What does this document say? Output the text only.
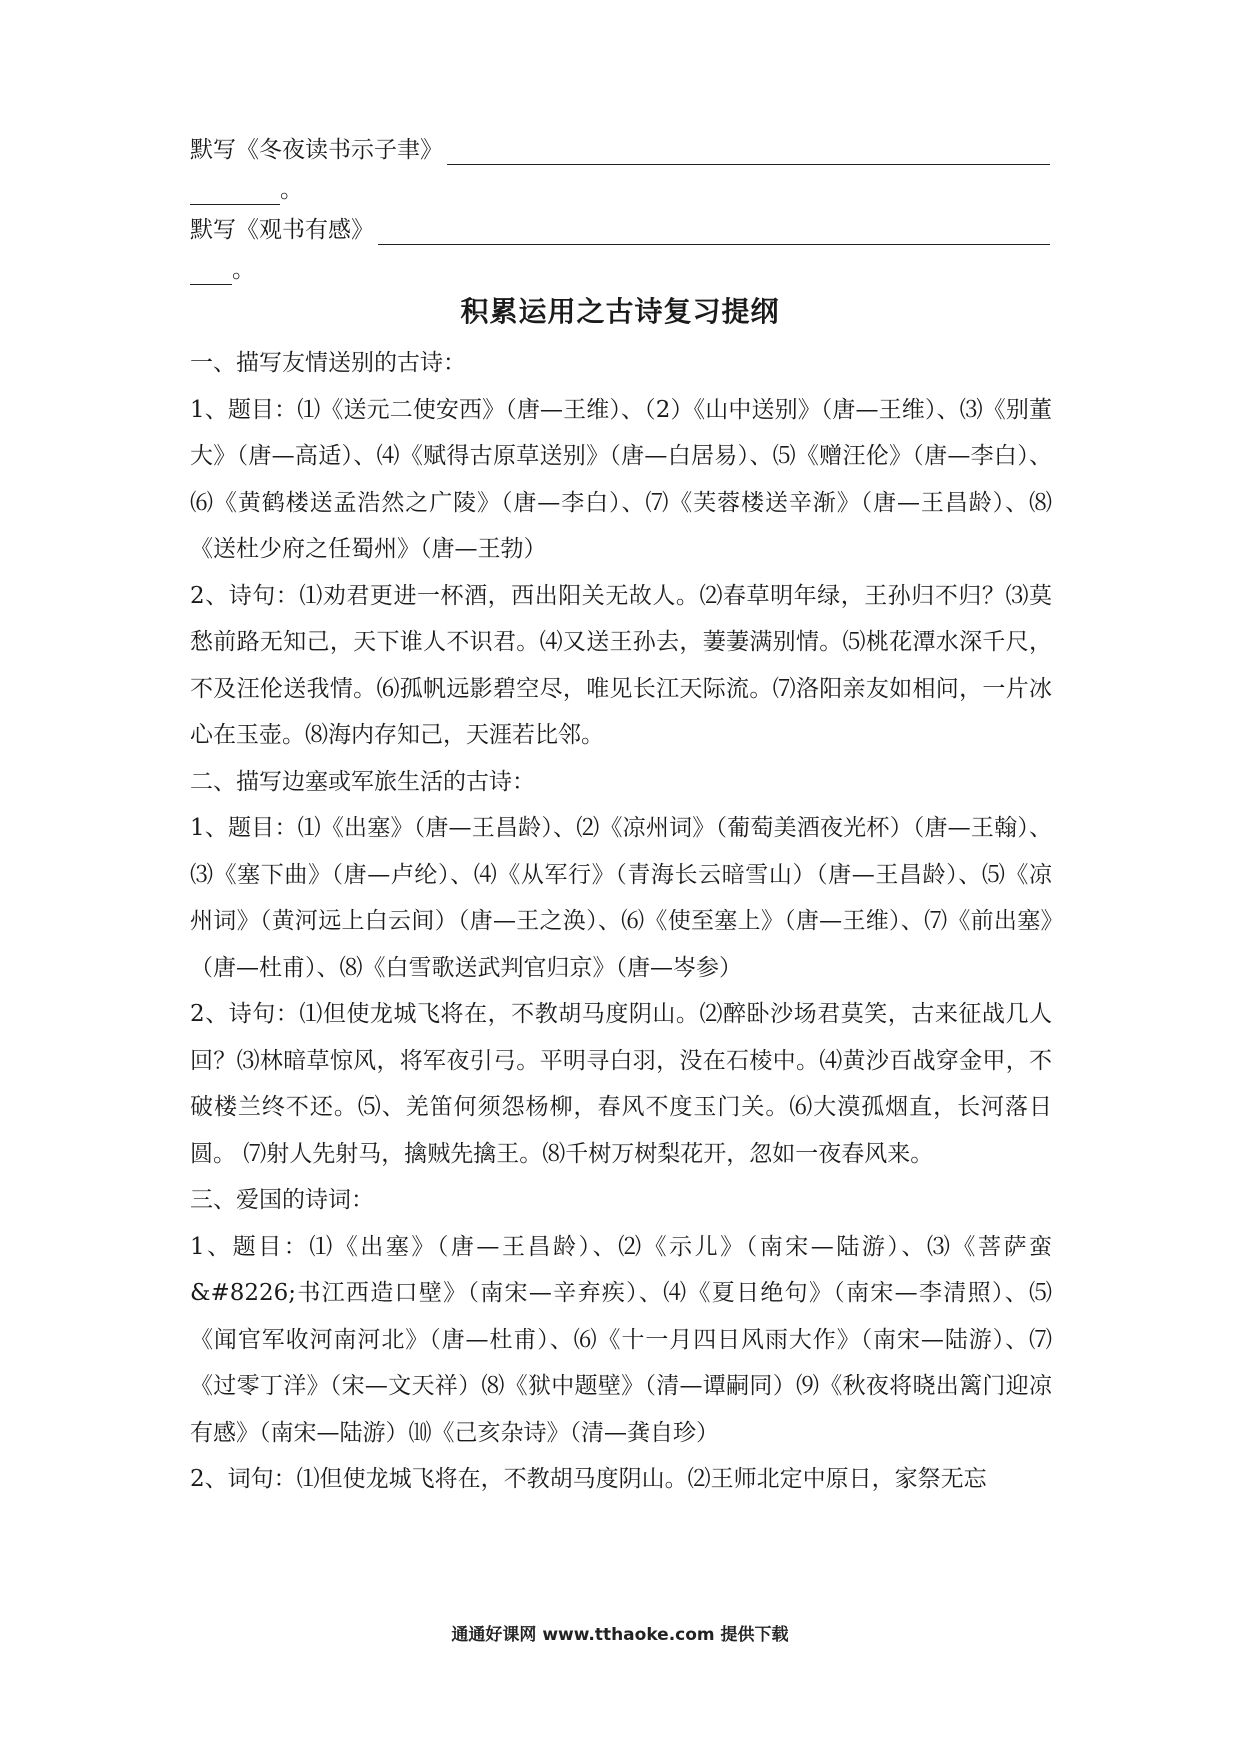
默写《冬夜读书示子聿》
。
默写《观书有感》
。
积累运用之古诗复习提纲

一、描写友情送别的古诗：

1、题目：⑴《送元二使安西》（唐—王维）、（2）《山中送别》（唐—王维）、⑶《别董大》（唐—高适）、⑷《赋得古原草送别》（唐—白居易）、⑸《赠汪伦》（唐—李白）、⑹《黄鹤楼送孟浩然之广陵》（唐—李白）、⑺《芙蓉楼送辛渐》（唐—王昌龄）、⑻《送杜少府之任蜀州》（唐—王勃）

2、诗句：⑴劝君更进一杯酒，西出阳关无故人。⑵春草明年绿，王孙归不归？⑶莫愁前路无知己，天下谁人不识君。⑷又送王孙去，萋萋满别情。⑸桃花潭水深千尺，不及汪伦送我情。⑹孤帆远影碧空尽，唯见长江天际流。⑺洛阳亲友如相问，一片冰心在玉壶。⑻海内存知己，天涯若比邻。

二、描写边塞或军旅生活的古诗：

1、题目：⑴《出塞》（唐—王昌龄）、⑵《凉州词》（葡萄美酒夜光杯）（唐—王翰）、⑶《塞下曲》（唐—卢纶）、⑷《从军行》（青海长云暗雪山）（唐—王昌龄）、⑸《凉州词》（黄河远上白云间）（唐—王之涣）、⑹《使至塞上》（唐—王维）、⑺《前出塞》（唐—杜甫）、⑻《白雪歌送武判官归京》（唐—岑参）

2、诗句：⑴但使龙城飞将在，不教胡马度阴山。⑵醉卧沙场君莫笑，古来征战几人回？⑶林暗草惊风，将军夜引弓。平明寻白羽，没在石棱中。⑷黄沙百战穿金甲，不破楼兰终不还。⑸、羌笛何须怨杨柳，春风不度玉门关。⑹大漠孤烟直，长河落日圆。 ⑺射人先射马，擒贼先擒王。⑻千树万树梨花开，忽如一夜春风来。

三、爱国的诗词：

1、题目：⑴《出塞》（唐—王昌龄）、⑵《示儿》（南宋—陆游）、⑶《菩萨蛮&#8226;书江西造口壁》（南宋—辛弃疾）、⑷《夏日绝句》（南宋—李清照）、⑸《闻官军收河南河北》（唐—杜甫）、⑹《十一月四日风雨大作》（南宋—陆游）、⑺《过零丁洋》（宋—文天祥）⑻《狱中题壁》（清—谭嗣同）⑼《秋夜将晓出篱门迎凉有感》（南宋—陆游）⑽《己亥杂诗》（清—龚自珍）

2、词句：⑴但使龙城飞将在，不教胡马度阴山。⑵王师北定中原日，家祭无忘

通通好课网 www.tthaoke.com 提供下载
